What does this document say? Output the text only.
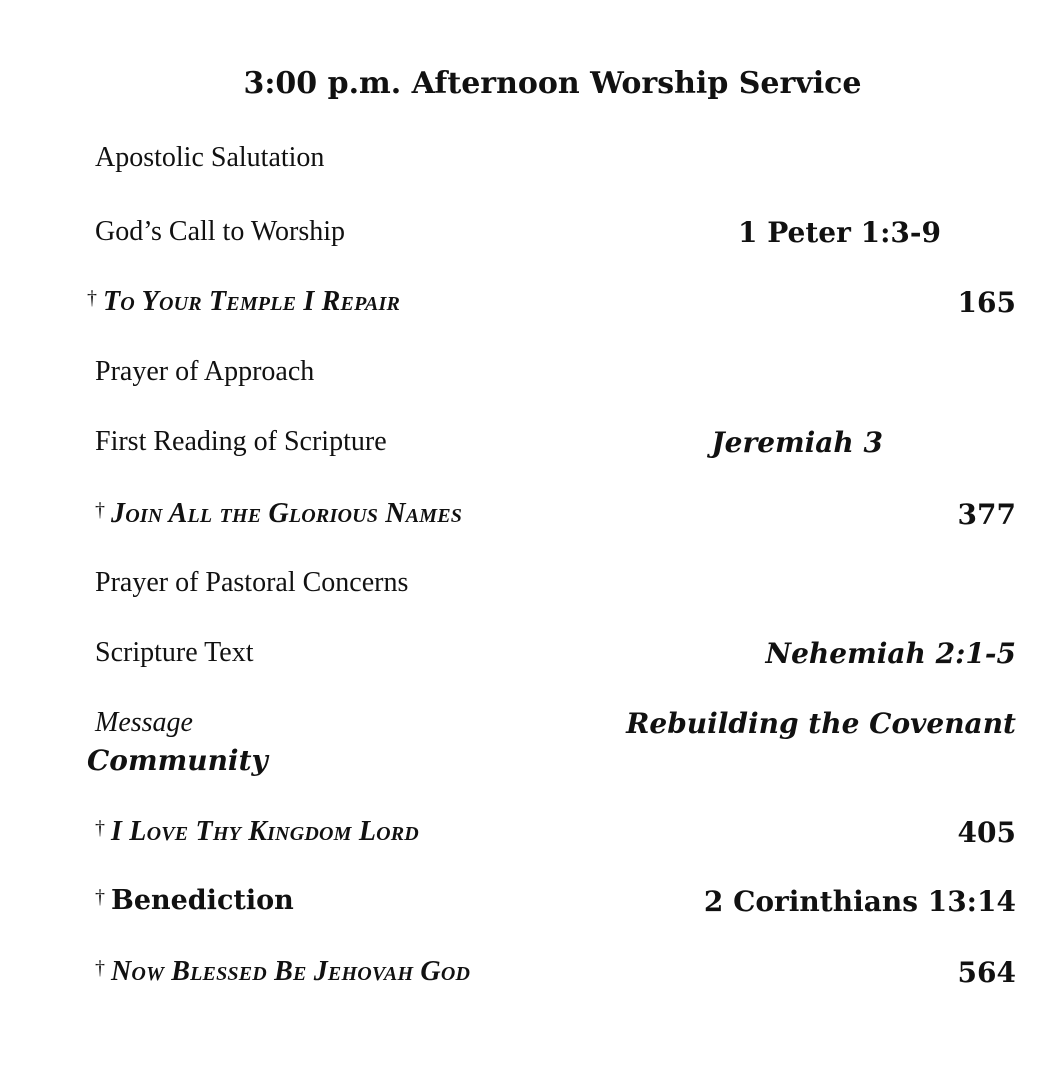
3:00 p.m. Afternoon Worship Service
Apostolic Salutation
God’s Call to Worship	1 Peter 1:3-9
† To Your Temple I Repair	165
Prayer of Approach
First Reading of Scripture	Jeremiah 3
† Join All the Glorious Names	377
Prayer of Pastoral Concerns
Scripture Text	Nehemiah 2:1-5
Message	Rebuilding the Covenant
Community
† I Love Thy Kingdom Lord	405
† Benediction	2 Corinthians 13:14
† Now Blessed Be Jehovah God	564
